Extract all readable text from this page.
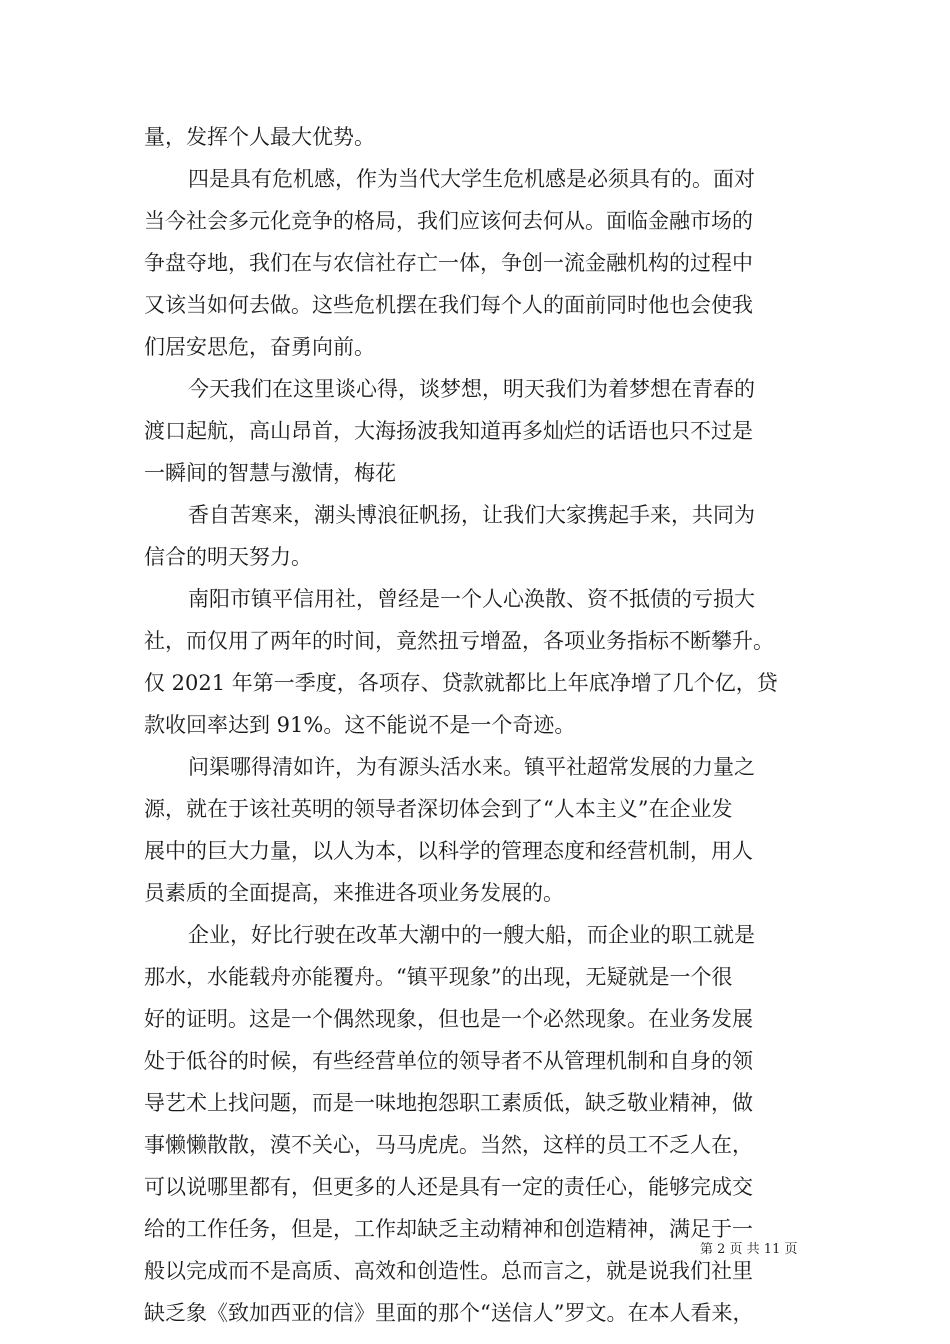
量，发挥个人最大优势。
四是具有危机感，作为当代大学生危机感是必须具有的。面对
当今社会多元化竞争的格局，我们应该何去何从。面临金融市场的
争盘夺地，我们在与农信社存亡一体，争创一流金融机构的过程中
又该当如何去做。这些危机摆在我们每个人的面前同时他也会使我
们居安思危，奋勇向前。
今天我们在这里谈心得，谈梦想，明天我们为着梦想在青春的
渡口起航，高山昂首，大海扬波我知道再多灿烂的话语也只不过是
一瞬间的智慧与激情，梅花
香自苦寒来，潮头博浪征帆扬，让我们大家携起手来，共同为
信合的明天努力。
南阳市镇平信用社，曾经是一个人心涣散、资不抵债的亏损大
社，而仅用了两年的时间，竟然扭亏增盈，各项业务指标不断攀升。
仅 2021 年第一季度，各项存、贷款就都比上年底净增了几个亿，贷
款收回率达到 91%。这不能说不是一个奇迹。
问渠哪得清如许，为有源头活水来。镇平社超常发展的力量之
源，就在于该社英明的领导者深切体会到了“人本主义”在企业发
展中的巨大力量，以人为本，以科学的管理态度和经营机制，用人
员素质的全面提高，来推进各项业务发展的。
企业，好比行驶在改革大潮中的一艘大船，而企业的职工就是
那水，水能载舟亦能覆舟。“镇平现象”的出现，无疑就是一个很
好的证明。这是一个偶然现象，但也是一个必然现象。在业务发展
处于低谷的时候，有些经营单位的领导者不从管理机制和自身的领
导艺术上找问题，而是一味地抱怨职工素质低，缺乏敬业精神，做
事懒懒散散，漠不关心，马马虎虎。当然，这样的员工不乏人在，
可以说哪里都有，但更多的人还是具有一定的责任心，能够完成交
给的工作任务，但是，工作却缺乏主动精神和创造精神，满足于一
般以完成而不是高质、高效和创造性。总而言之，就是说我们社里
缺乏象《致加西亚的信》里面的那个“送信人”罗文。在本人看来，
第 2 页 共 11 页
